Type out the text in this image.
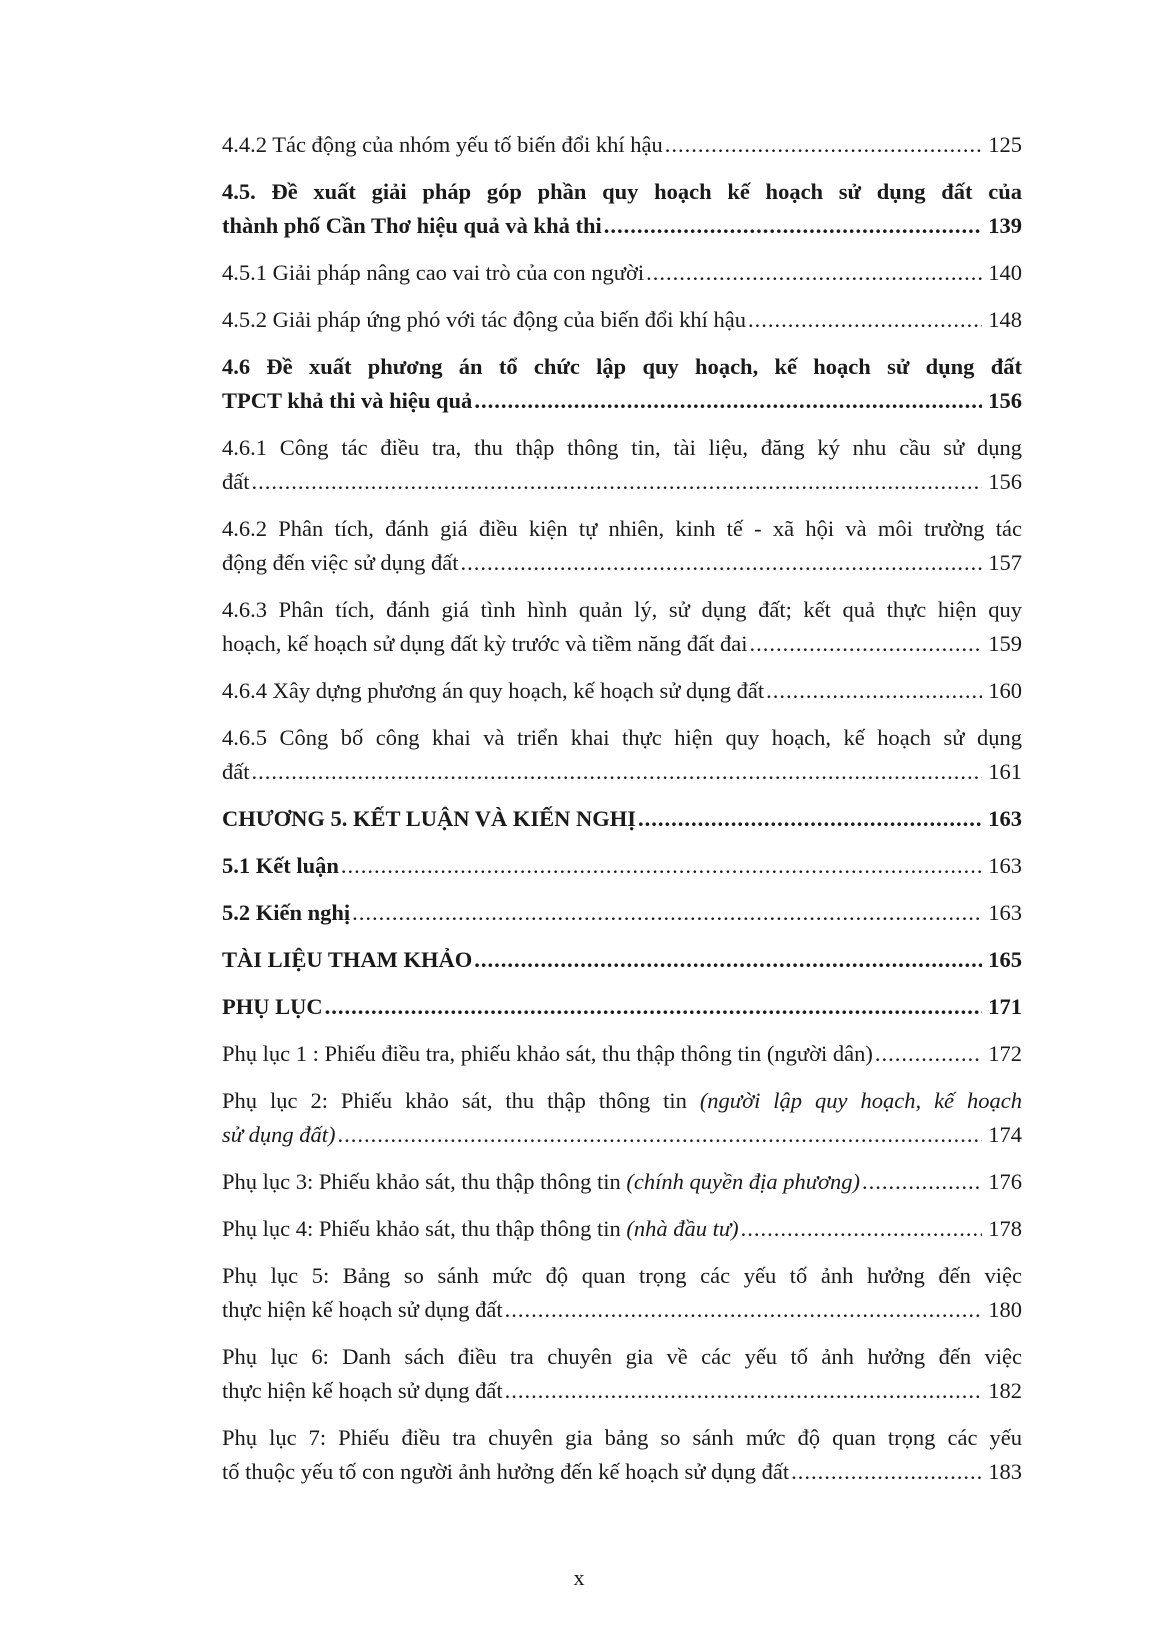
4.4.2 Tác động của nhóm yếu tố biến đổi khí hậu .....	125
4.5. Đề xuất giải pháp góp phần quy hoạch kế hoạch sử dụng đất của
thành phố Cần Thơ hiệu quả và khả thi .....	139
4.5.1 Giải pháp nâng cao vai trò của con người .....	140
4.5.2 Giải pháp ứng phó với tác động của biến đổi khí hậu .....	148
4.6 Đề xuất phương án tổ chức lập quy hoạch, kế hoạch sử dụng đất
TPCT khả thi và hiệu quả .....	156
4.6.1 Công tác điều tra, thu thập thông tin, tài liệu, đăng ký nhu cầu sử dụng
đất .....	156
4.6.2 Phân tích, đánh giá điều kiện tự nhiên, kinh tế - xã hội và môi trường tác
động đến việc sử dụng đất .....	157
4.6.3 Phân tích, đánh giá tình hình quản lý, sử dụng đất; kết quả thực hiện quy
hoạch, kế hoạch sử dụng đất kỳ trước và tiềm năng đất đai .....	159
4.6.4 Xây dựng phương án quy hoạch, kế hoạch sử dụng đất .....	160
4.6.5 Công bố công khai và triển khai thực hiện quy hoạch, kế hoạch sử dụng
đất .....	161
CHƯƠNG 5. KẾT LUẬN VÀ KIẾN NGHỊ .....	163
5.1 Kết luận .....	163
5.2 Kiến nghị .....	163
TÀI LIỆU THAM KHẢO .....	165
PHỤ LỤC .....	171
Phụ lục 1 : Phiếu điều tra, phiếu khảo sát, thu thập thông tin (người dân) .....	172
Phụ lục 2: Phiếu khảo sát, thu thập thông tin (người lập quy hoạch, kế hoạch
sử dụng đất) .....	174
Phụ lục 3: Phiếu khảo sát, thu thập thông tin (chính quyền địa phương) .....	176
Phụ lục 4: Phiếu khảo sát, thu thập thông tin (nhà đầu tư) .....	178
Phụ lục 5: Bảng so sánh mức độ quan trọng các yếu tố ảnh hưởng đến việc
thực hiện kế hoạch sử dụng đất .....	180
Phụ lục 6: Danh sách điều tra chuyên gia về các yếu tố ảnh hưởng đến việc
thực hiện kế hoạch sử dụng đất .....	182
Phụ lục 7: Phiếu điều tra chuyên gia bảng so sánh mức độ quan trọng các yếu
tố thuộc yếu tố con người ảnh hưởng đến kế hoạch sử dụng đất .....	183
x
